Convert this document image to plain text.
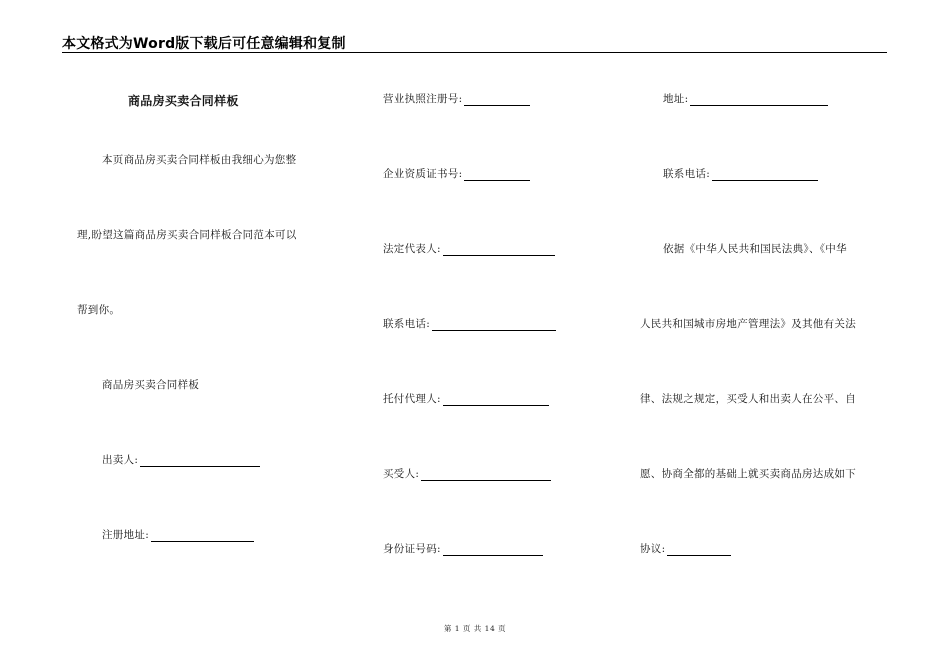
本文格式为Word版下载后可任意编辑和复制
商品房买卖合同样板
本页商品房买卖合同样板由我细心为您整
理,盼望这篇商品房买卖合同样板合同范本可以
帮到你。
商品房买卖合同样板
出卖人:
注册地址:
营业执照注册号:
企业资质证书号:
法定代表人:
联系电话:
托付代理人:
买受人:
身份证号码:
地址:
联系电话:
依据《中华人民共和国民法典》、《中华
人民共和国城市房地产管理法》及其他有关法
律、法规之规定，买受人和出卖人在公平、自
愿、协商全都的基础上就买卖商品房达成如下
协议:
第 1 页 共 14 页
